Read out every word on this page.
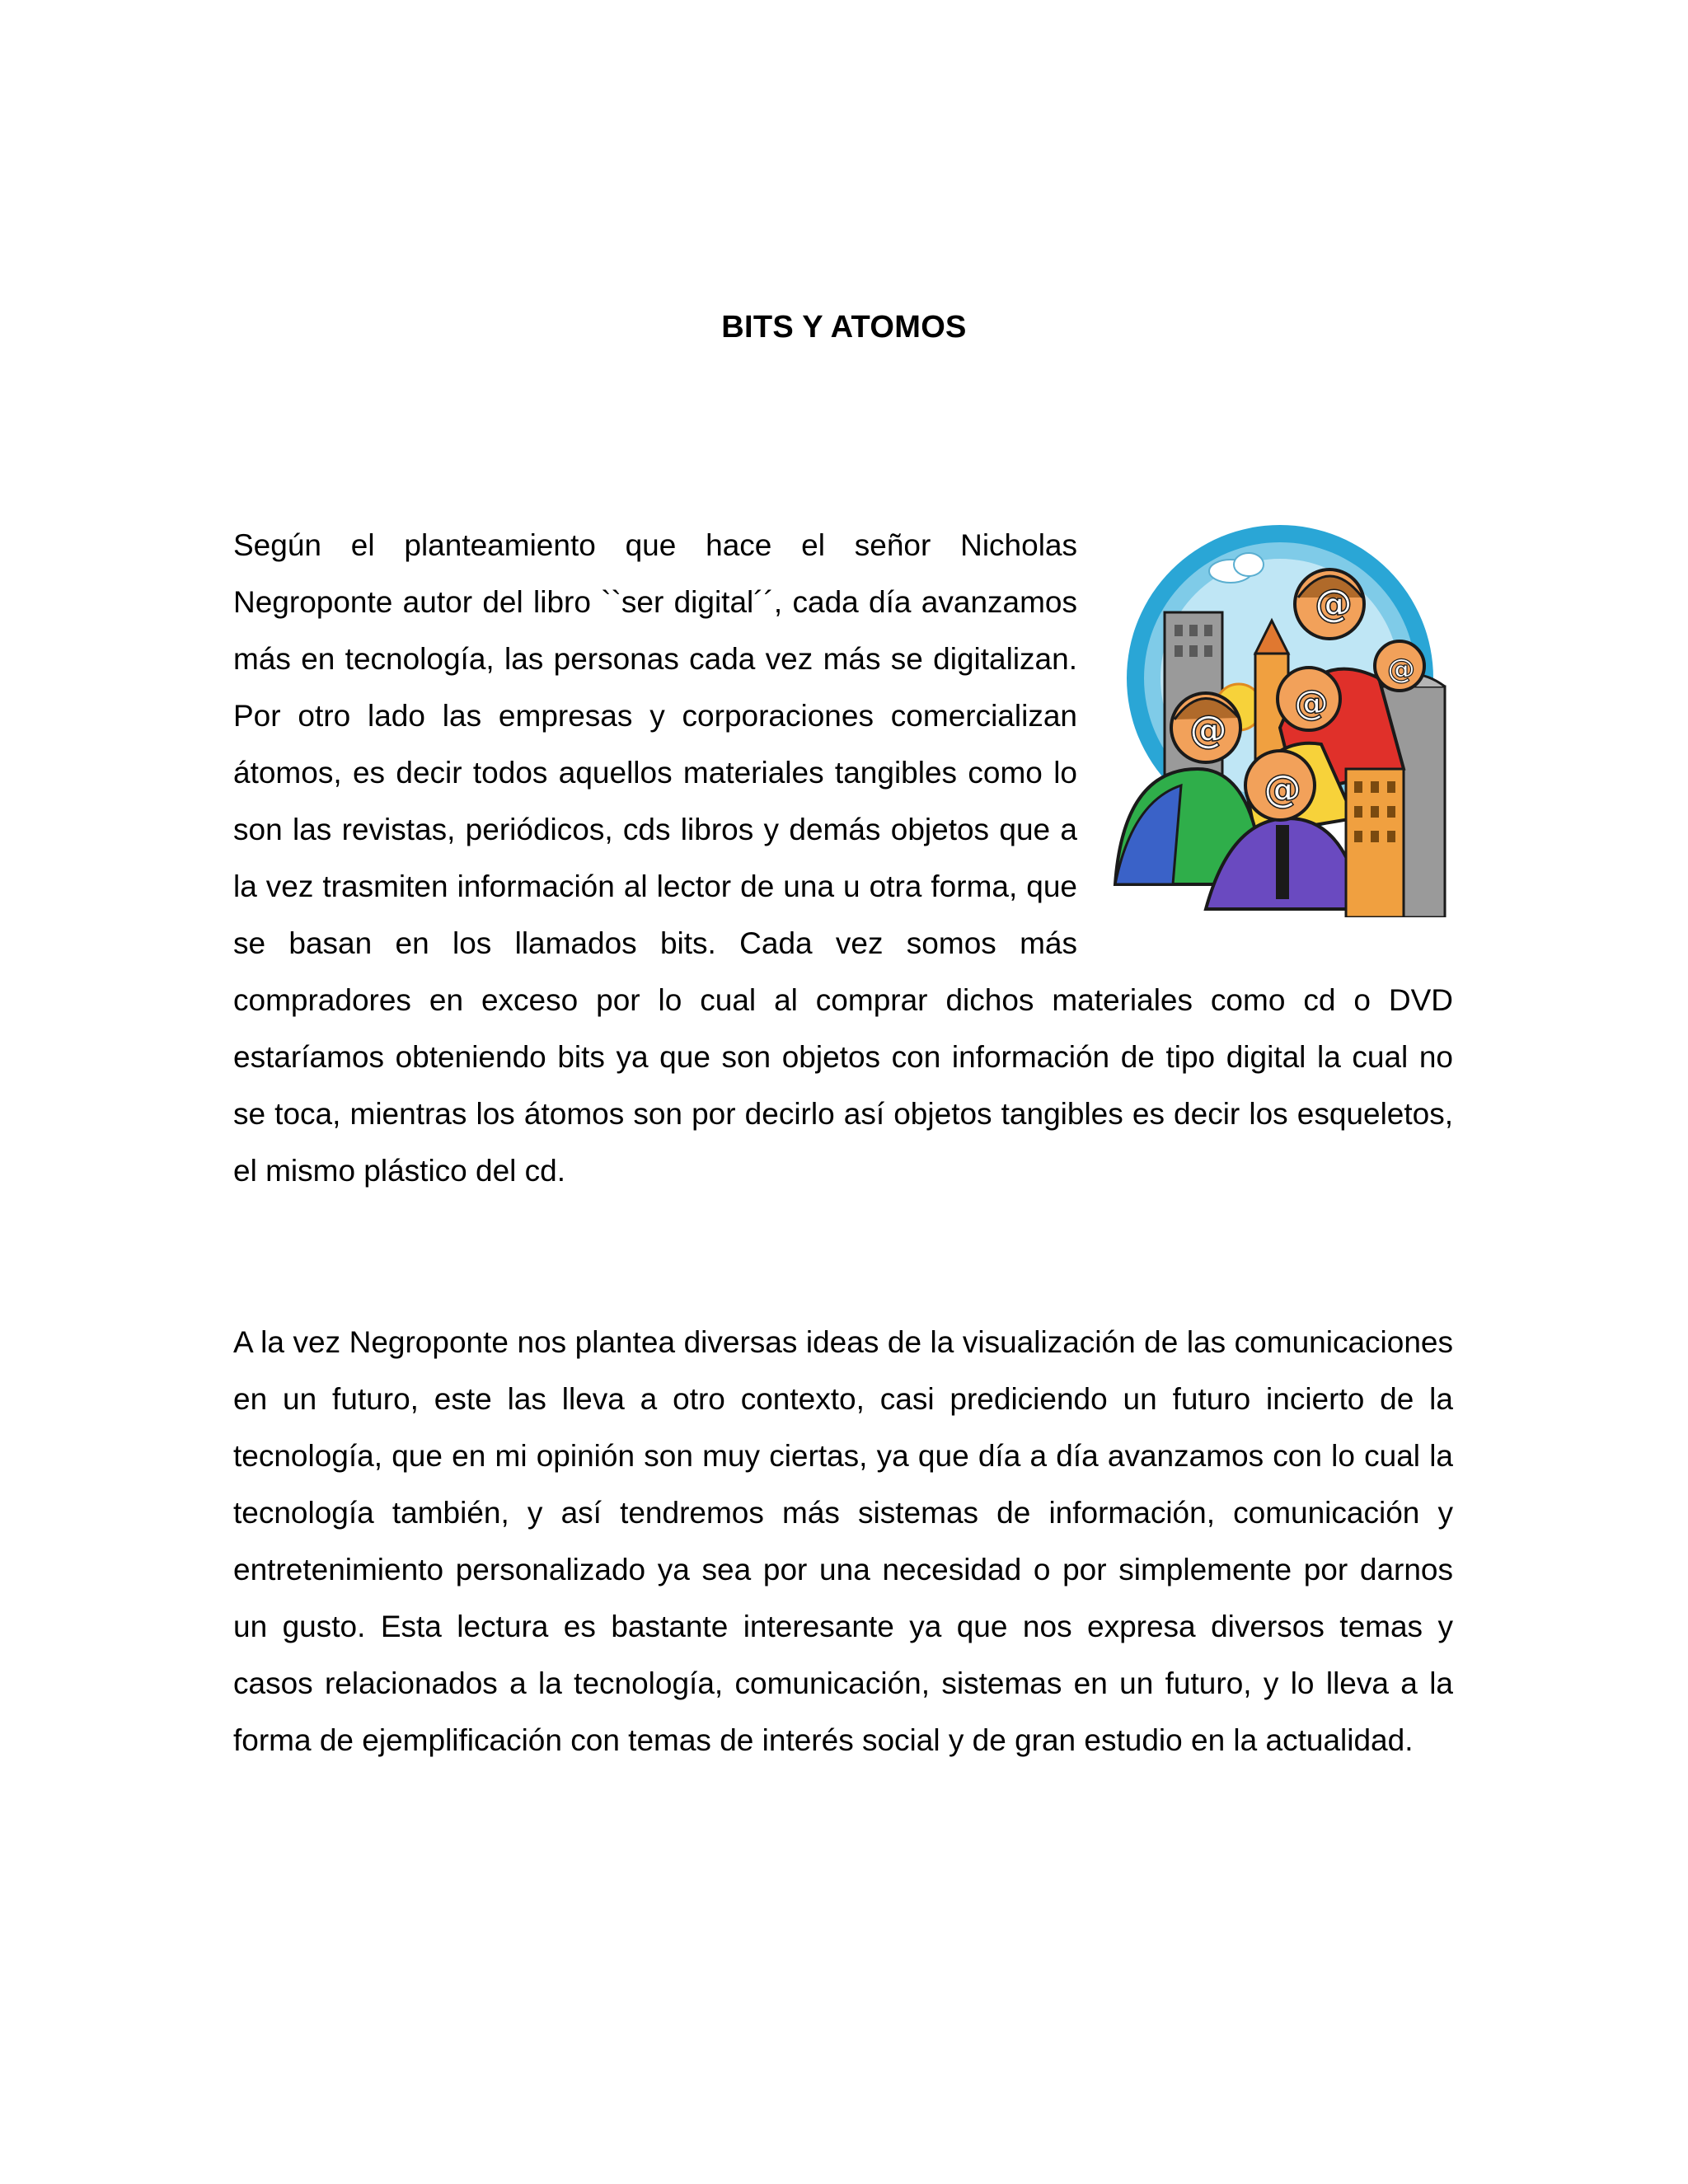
BITS Y ATOMOS
@
@
@
@
@
Según el planteamiento que hace el señor Nicholas Negroponte autor del libro ``ser digital´´, cada día avanzamos más en tecnología, las personas cada vez más se digitalizan. Por otro lado las empresas y corporaciones comercializan átomos, es decir todos aquellos materiales tangibles como lo son las revistas, periódicos, cds libros y demás objetos que a la vez trasmiten información al lector de una u otra forma, que se basan en los llamados bits. Cada vez somos más compradores en exceso por lo cual al comprar dichos materiales como cd o DVD estaríamos obteniendo bits ya que son objetos con información de tipo digital la cual no se toca, mientras los átomos son por decirlo así objetos tangibles es decir los esqueletos, el mismo plástico del cd.

A la vez Negroponte nos plantea diversas ideas de la visualización de las comunicaciones en un futuro, este las lleva a otro contexto, casi prediciendo un futuro incierto de la tecnología, que en mi opinión son muy ciertas, ya que día a día avanzamos con lo cual la tecnología también, y así tendremos más sistemas de información, comunicación y entretenimiento personalizado ya sea por una necesidad o por simplemente por darnos un gusto. Esta lectura es bastante interesante ya que nos expresa diversos temas y casos relacionados a la tecnología, comunicación, sistemas en un futuro, y lo lleva a la forma de ejemplificación con temas de interés social y de gran estudio en la actualidad.
